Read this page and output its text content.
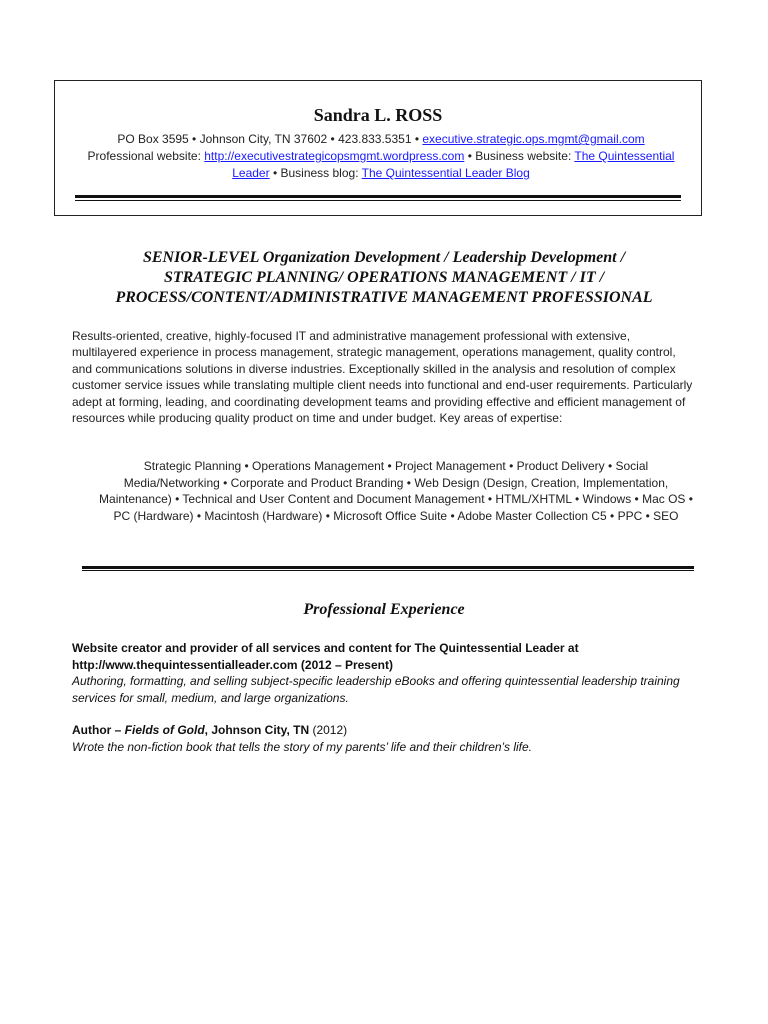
Sandra L. ROSS
PO Box 3595 • Johnson City, TN 37602 • 423.833.5351 • executive.strategic.ops.mgmt@gmail.com
Professional website: http://executivestrategicopsmgmt.wordpress.com • Business website: The Quintessential Leader • Business blog: The Quintessential Leader Blog
SENIOR-LEVEL Organization Development / Leadership Development /
STRATEGIC PLANNING/ OPERATIONS MANAGEMENT / IT /
PROCESS/CONTENT/ADMINISTRATIVE MANAGEMENT PROFESSIONAL
Results-oriented, creative, highly-focused IT and administrative management professional with extensive, multilayered experience in process management, strategic management, operations management, quality control, and communications solutions in diverse industries. Exceptionally skilled in the analysis and resolution of complex customer service issues while translating multiple client needs into functional and end-user requirements. Particularly adept at forming, leading, and coordinating development teams and providing effective and efficient management of resources while producing quality product on time and under budget. Key areas of expertise:
Strategic Planning • Operations Management • Project Management • Product Delivery • Social Media/Networking • Corporate and Product Branding • Web Design (Design, Creation, Implementation, Maintenance) • Technical and User Content and Document Management • HTML/XHTML • Windows • Mac OS • PC (Hardware) • Macintosh (Hardware) • Microsoft Office Suite • Adobe Master Collection C5 • PPC • SEO
Professional Experience
Website creator and provider of all services and content for The Quintessential Leader at
http://www.thequintessentialleader.com (2012 – Present)
Authoring, formatting, and selling subject-specific leadership eBooks and offering quintessential leadership training services for small, medium, and large organizations.
Author – Fields of Gold, Johnson City, TN (2012)
Wrote the non-fiction book that tells the story of my parents’ life and their children’s life.
